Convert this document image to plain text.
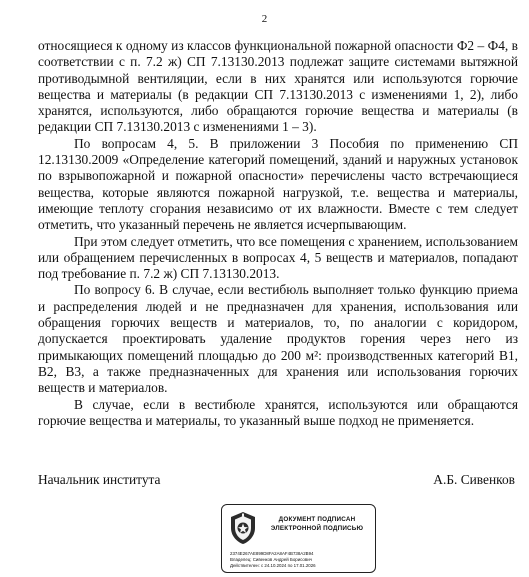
2

относящиеся к одному из классов функциональной пожарной опасности Ф2 – Ф4, в соответствии с п. 7.2 ж) СП 7.13130.2013 подлежат защите системами вытяжной противодымной вентиляции, если в них хранятся или используются горючие вещества и материалы (в редакции СП 7.13130.2013 с изменениями 1, 2), либо хранятся, используются, либо обращаются горючие вещества и материалы (в редакции СП 7.13130.2013 с изменениями 1 – 3).

По вопросам 4, 5. В приложении 3 Пособия по применению СП 12.13130.2009 «Определение категорий помещений, зданий и наружных установок по взрывопожарной и пожарной опасности» перечислены часто встречающиеся вещества, которые являются пожарной нагрузкой, т.е. вещества и материалы, имеющие теплоту сгорания независимо от их влажности. Вместе с тем следует отметить, что указанный перечень не является исчерпывающим.

При этом следует отметить, что все помещения с хранением, использованием или обращением перечисленных в вопросах 4, 5 веществ и материалов, попадают под требование п. 7.2 ж) СП 7.13130.2013.

По вопросу 6. В случае, если вестибюль выполняет только функцию приема и распределения людей и не предназначен для хранения, использования или обращения горючих веществ и материалов, то, по аналогии с коридором, допускается проектировать удаление продуктов горения через него из примыкающих помещений площадью до 200 м²: производственных категорий В1, В2, В3, а также предназначенных для хранения или использования горючих веществ и материалов.

В случае, если в вестибюле хранятся, используются или обращаются горючие вещества и материалы, то указанный выше подход не применяется.

Начальник института	А.Б. Сивенков
ДОКУМЕНТ ПОДПИСАН
ЭЛЕКТРОННОЙ ПОДПИСЬЮ
2374E267AE899D8FA2A8AF4B738A2B94
Владелец: Сивенков Андрей Борисович
Действителен: с 24.10.2024 по 17.01.2026
